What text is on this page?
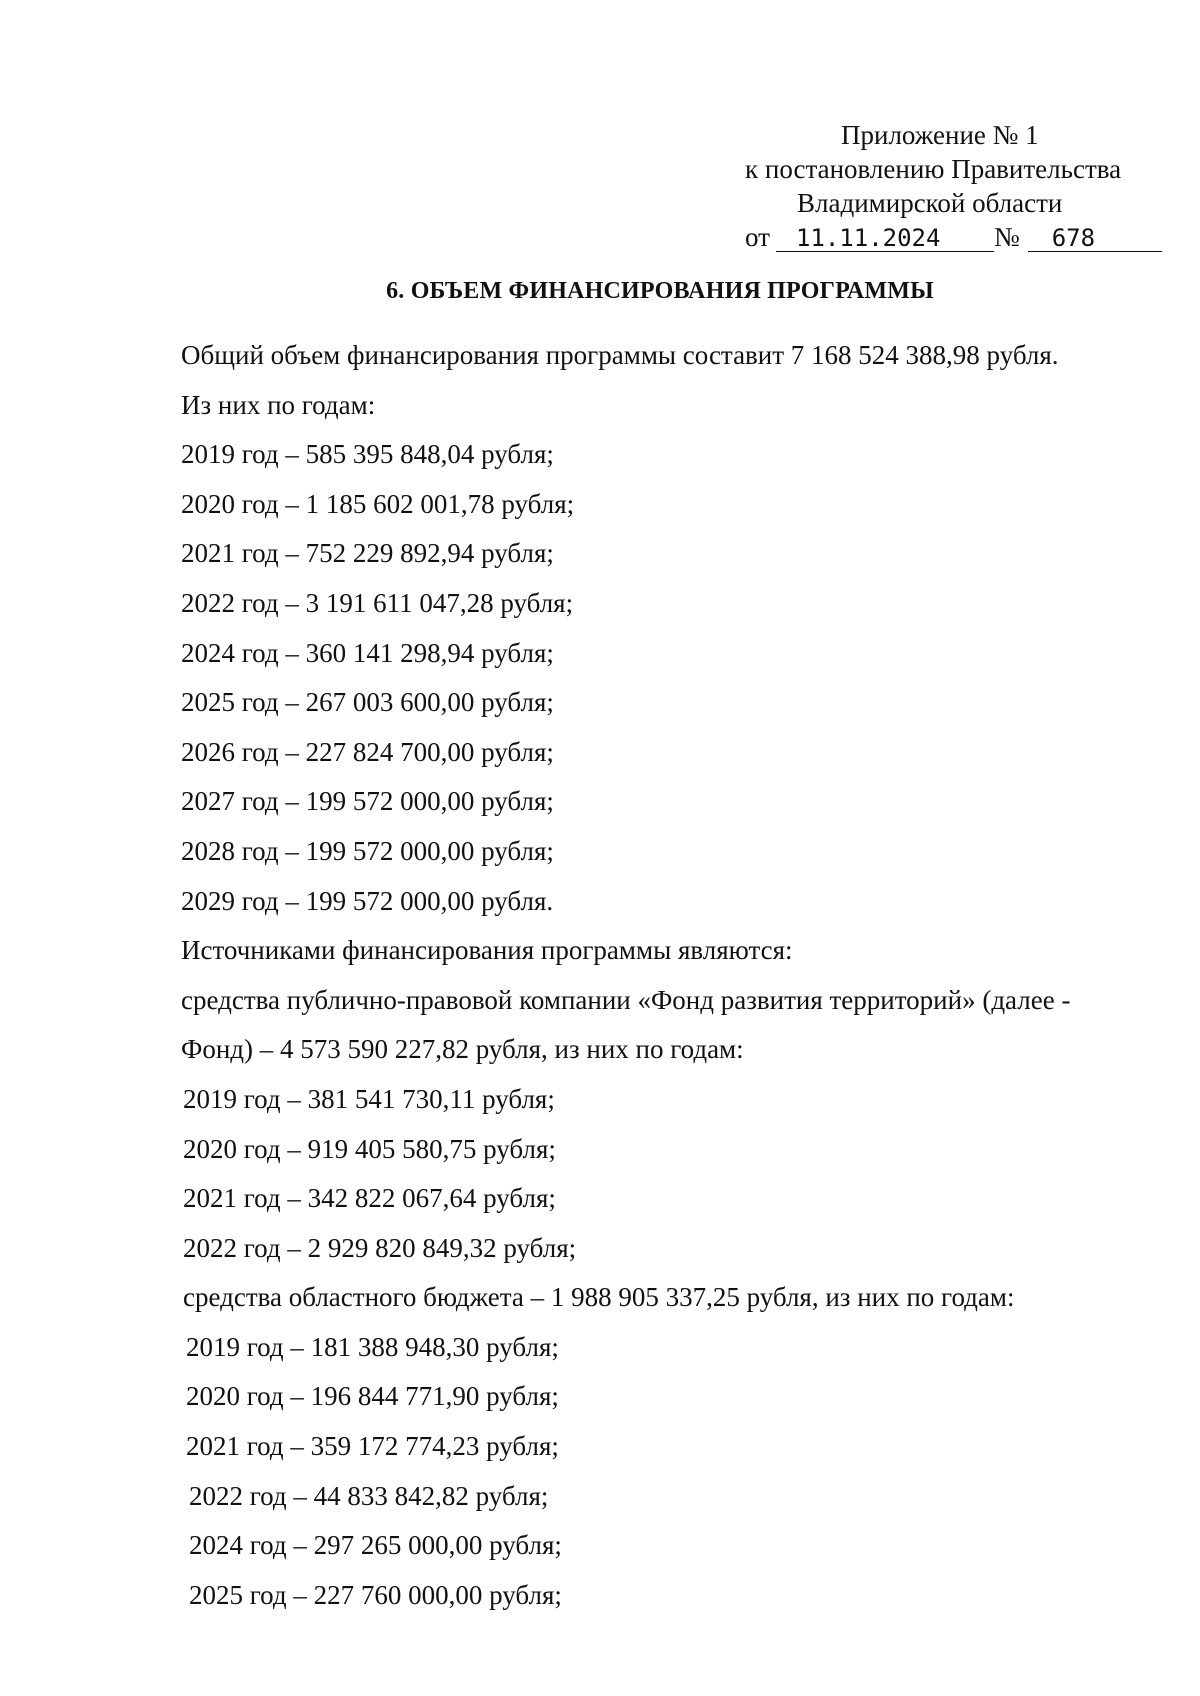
Приложение № 1
к постановлению Правительства
Владимирской области
от 11.11.2024 № 678
6. ОБЪЕМ ФИНАНСИРОВАНИЯ ПРОГРАММЫ
Общий объем финансирования программы составит 7 168 524 388,98 рубля.
Из них по годам:
2019 год – 585 395 848,04 рубля;
2020 год – 1 185 602 001,78 рубля;
2021 год – 752 229 892,94 рубля;
2022 год – 3 191 611 047,28 рубля;
2024 год – 360 141 298,94 рубля;
2025 год – 267 003 600,00 рубля;
2026 год – 227 824 700,00 рубля;
2027 год – 199 572 000,00 рубля;
2028 год – 199 572 000,00 рубля;
2029 год – 199 572 000,00 рубля.
Источниками финансирования программы являются:
средства публично-правовой компании «Фонд развития территорий» (далее -
Фонд) – 4 573 590 227,82 рубля, из них по годам:
2019 год – 381 541 730,11 рубля;
2020 год – 919 405 580,75 рубля;
2021 год – 342 822 067,64 рубля;
2022 год – 2 929 820 849,32 рубля;
средства областного бюджета – 1 988 905 337,25 рубля, из них по годам:
2019 год – 181 388 948,30 рубля;
2020 год – 196 844 771,90 рубля;
2021 год – 359 172 774,23 рубля;
2022 год – 44 833 842,82 рубля;
2024 год – 297 265 000,00 рубля;
2025 год – 227 760 000,00 рубля;
